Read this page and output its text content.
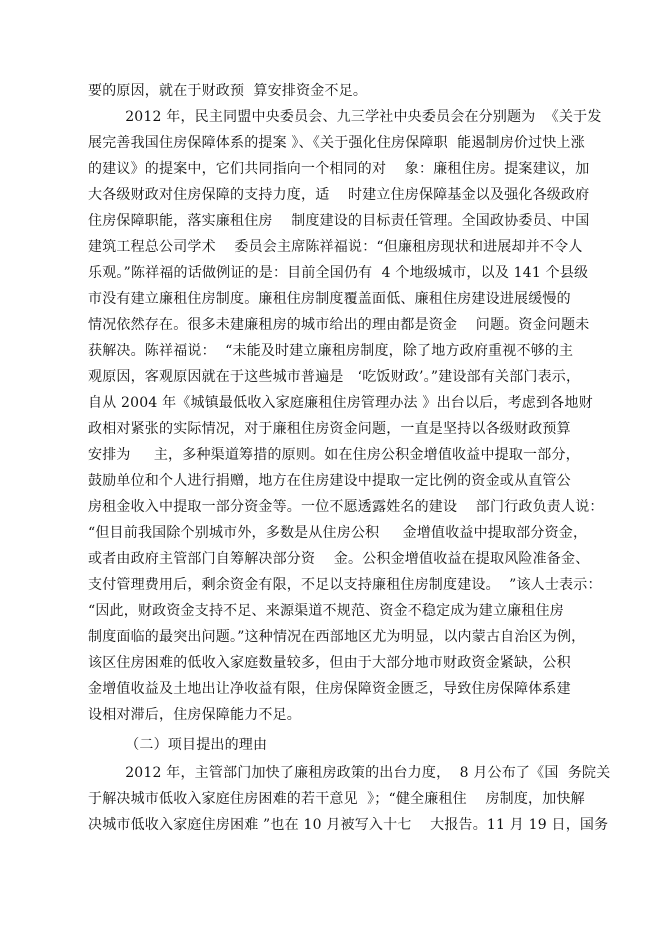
要的原因，就在于财政预  算安排资金不足。
2012 年，民主同盟中央委员会、九三学社中央委员会在分别题为  《关于发
展完善我国住房保障体系的提案 》、《关于强化住房保障职  能遏制房价过快上涨
的建议》的提案中，它们共同指向一个相同的对    象：廉租住房。提案建议，加
大各级财政对住房保障的支持力度，适    时建立住房保障基金以及强化各级政府
住房保障职能，落实廉租住房    制度建设的目标责任管理。全国政协委员、中国
建筑工程总公司学术    委员会主席陈祥福说：“但廉租房现状和进展却并不令人
乐观。”陈祥福的话做例证的是：目前全国仍有  4 个地级城市，以及 141 个县级
市没有建立廉租住房制度。廉租住房制度覆盖面低、廉租住房建设进展缓慢的
情况依然存在。很多未建廉租房的城市给出的理由都是资金    问题。资金问题未
获解决。陈祥福说：  “未能及时建立廉租房制度，除了地方政府重视不够的主
观原因，客观原因就在于这些城市普遍是   ‘吃饭财政’。”建设部有关部门表示，
自从 2004 年《城镇最低收入家庭廉租住房管理办法 》出台以后，考虑到各地财
政相对紧张的实际情况，对于廉租住房资金问题，一直是坚持以各级财政预算
安排为     主，多种渠道筹措的原则。如在住房公积金增值收益中提取一部分，
鼓励单位和个人进行捐赠，地方在住房建设中提取一定比例的资金或从直管公
房租金收入中提取一部分资金等。一位不愿透露姓名的建设    部门行政负责人说：
“但目前我国除个别城市外，多数是从住房公积     金增值收益中提取部分资金，
或者由政府主管部门自筹解决部分资    金。公积金增值收益在提取风险准备金、
支付管理费用后，剩余资金有限，不足以支持廉租住房制度建设。  ”该人士表示：
“因此，财政资金支持不足、来源渠道不规范、资金不稳定成为建立廉租住房
制度面临的最突出问题。”这种情况在西部地区尤为明显，以内蒙古自治区为例，
该区住房困难的低收入家庭数量较多，但由于大部分地市财政资金紧缺，公积
金增值收益及土地出让净收益有限，住房保障资金匮乏，导致住房保障体系建
设相对滞后，住房保障能力不足。
（二）项目提出的理由
2012 年，主管部门加快了廉租房政策的出台力度，  8 月公布了《国  务院关
于解决城市低收入家庭住房困难的若干意见  》；“健全廉租住    房制度，加快解
决城市低收入家庭住房困难 ”也在 10 月被写入十七    大报告。11 月 19 日，国务
